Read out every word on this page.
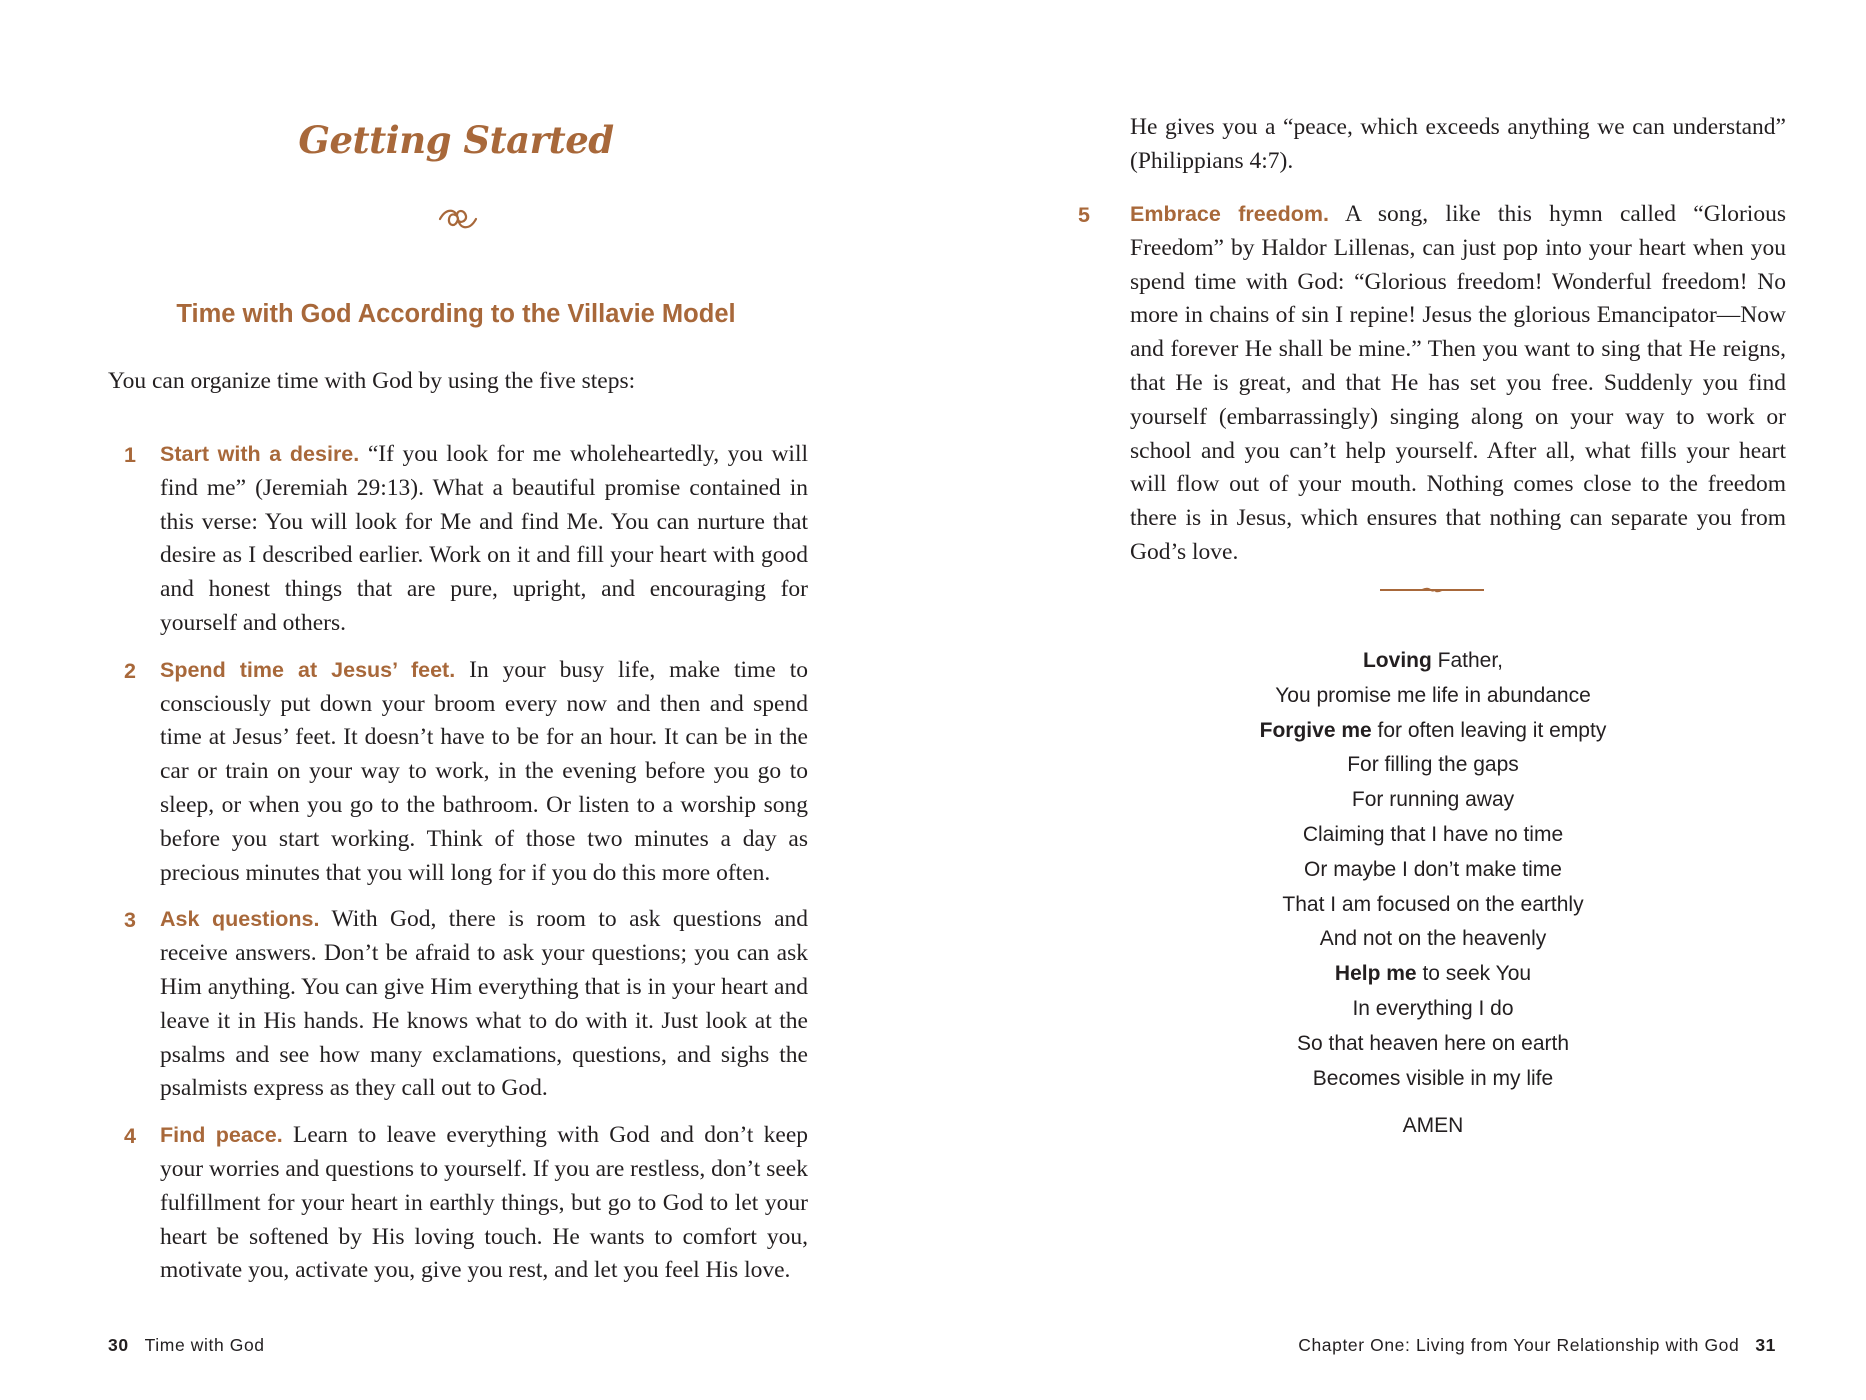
Getting Started
Time with God According to the Villavie Model

You can organize time with God by using the five steps:

1 Start with a desire. “If you look for me wholeheartedly, you will find me” (Jeremiah 29:13). What a beautiful promise contained in this verse: You will look for Me and find Me. You can nurture that desire as I described earlier. Work on it and fill your heart with good and honest things that are pure, upright, and encouraging for yourself and others.

2 Spend time at Jesus’ feet. In your busy life, make time to consciously put down your broom every now and then and spend time at Jesus’ feet. It doesn’t have to be for an hour. It can be in the car or train on your way to work, in the evening before you go to sleep, or when you go to the bathroom. Or listen to a worship song before you start working. Think of those two minutes a day as precious minutes that you will long for if you do this more often.

3 Ask questions. With God, there is room to ask questions and receive answers. Don’t be afraid to ask your questions; you can ask Him anything. You can give Him everything that is in your heart and leave it in His hands. He knows what to do with it. Just look at the psalms and see how many exclamations, questions, and sighs the psalmists express as they call out to God.

4 Find peace. Learn to leave everything with God and don’t keep your worries and questions to yourself. If you are restless, don’t seek fulfillment for your heart in earthly things, but go to God to let your heart be softened by His loving touch. He wants to comfort you, motivate you, activate you, give you rest, and let you feel His love.

30 Time with God

He gives you a “peace, which exceeds anything we can understand” (Philippians 4:7).

5 Embrace freedom. A song, like this hymn called “Glorious Freedom” by Haldor Lillenas, can just pop into your heart when you spend time with God: “Glorious freedom! Wonderful freedom! No more in chains of sin I repine! Jesus the glorious Emancipator—Now and forever He shall be mine.” Then you want to sing that He reigns, that He is great, and that He has set you free. Suddenly you find yourself (embarrassingly) singing along on your way to work or school and you can’t help yourself. After all, what fills your heart will flow out of your mouth. Nothing comes close to the freedom there is in Jesus, which ensures that nothing can separate you from God’s love.

Loving Father,
You promise me life in abundance
Forgive me for often leaving it empty
For filling the gaps
For running away
Claiming that I have no time
Or maybe I don’t make time
That I am focused on the earthly
And not on the heavenly
Help me to seek You
In everything I do
So that heaven here on earth
Becomes visible in my life
AMEN
Chapter One: Living from Your Relationship with God 31
